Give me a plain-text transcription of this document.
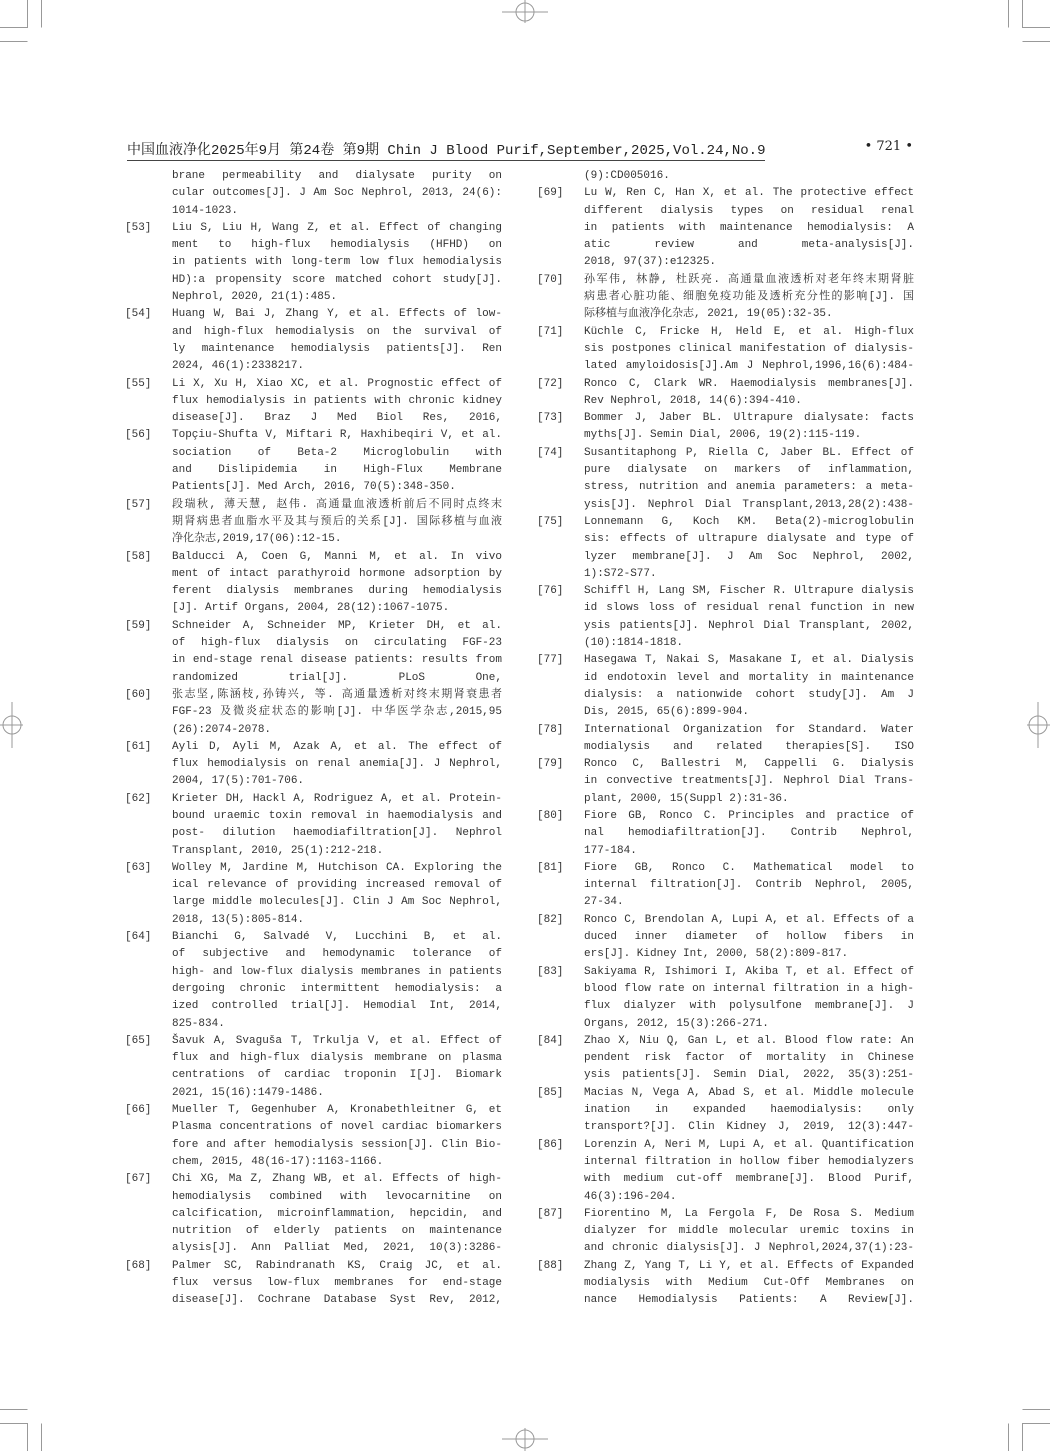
中国血液净化2025年9月 第24卷 第9期 Chin J Blood Purif,September,2025,Vol.24,No.9	• 721 •
brane permeability and dialysate purity on
cular outcomes[J]. J Am Soc Nephrol, 2013, 24(6):
1014-1023.
[53] Liu S, Liu H, Wang Z, et al. Effect of changing
ment to high-flux hemodialysis (HFHD) on
in patients with long-term low flux hemodialysis
HD):a propensity score matched cohort study[J].
Nephrol, 2020, 21(1):485.
[54] Huang W, Bai J, Zhang Y, et al. Effects of low-
and high-flux hemodialysis on the survival of
ly maintenance hemodialysis patients[J]. Ren
2024, 46(1):2338217.
[55] Li X, Xu H, Xiao XC, et al. Prognostic effect of
flux hemodialysis in patients with chronic kidney
disease[J]. Braz J Med Biol Res, 2016,
[56] Topçiu-Shufta V, Miftari R, Haxhibeqiri V, et al.
sociation of Beta-2 Microglobulin with
and Dislipidemia in High-Flux Membrane
Patients[J]. Med Arch, 2016, 70(5):348-350.
[57] 段瑞秋, 薄天慧, 赵伟. 高通量血液透析前后不同时点终末
期肾病患者血脂水平及其与预后的关系[J]. 国际移植与血液
净化杂志,2019,17(06):12-15.
[58] Balducci A, Coen G, Manni M, et al. In vivo
ment of intact parathyroid hormone adsorption by
ferent dialysis membranes during hemodialysis
[J]. Artif Organs, 2004, 28(12):1067-1075.
[59] Schneider A, Schneider MP, Krieter DH, et al.
of high-flux dialysis on circulating FGF-23
in end-stage renal disease patients: results from
randomized trial[J]. PLoS One,
[60] 张志坚,陈涵枝,孙铸兴, 等. 高通量透析对终末期肾衰患者
FGF-23 及微炎症状态的影响[J]. 中华医学杂志,2015,95
(26):2074-2078.
[61] Ayli D, Ayli M, Azak A, et al. The effect of
flux hemodialysis on renal anemia[J]. J Nephrol,
2004, 17(5):701-706.
[62] Krieter DH, Hackl A, Rodriguez A, et al. Protein-
bound uraemic toxin removal in haemodialysis and
post- dilution haemodiafiltration[J]. Nephrol
Transplant, 2010, 25(1):212-218.
[63] Wolley M, Jardine M, Hutchison CA. Exploring the
ical relevance of providing increased removal of
large middle molecules[J]. Clin J Am Soc Nephrol,
2018, 13(5):805-814.
[64] Bianchi G, Salvadé V, Lucchini B, et al.
of subjective and hemodynamic tolerance of
high- and low-flux dialysis membranes in patients
dergoing chronic intermittent hemodialysis: a
ized controlled trial[J]. Hemodial Int, 2014,
825-834.
[65] Šavuk A, Svaguša T, Trkulja V, et al. Effect of
flux and high-flux dialysis membrane on plasma
centrations of cardiac troponin I[J]. Biomark
2021, 15(16):1479-1486.
[66] Mueller T, Gegenhuber A, Kronabethleitner G, et
Plasma concentrations of novel cardiac biomarkers
fore and after hemodialysis session[J]. Clin Bio-
chem, 2015, 48(16-17):1163-1166.
[67] Chi XG, Ma Z, Zhang WB, et al. Effects of high-
hemodialysis combined with levocarnitine on
calcification, microinflammation, hepcidin, and
nutrition of elderly patients on maintenance
alysis[J]. Ann Palliat Med, 2021, 10(3):3286-
[68] Palmer SC, Rabindranath KS, Craig JC, et al.
flux versus low-flux membranes for end-stage
disease[J]. Cochrane Database Syst Rev, 2012,
(9):CD005016.
[69] Lu W, Ren C, Han X, et al. The protective effect
different dialysis types on residual renal
in patients with maintenance hemodialysis: A
atic review and meta-analysis[J].
2018, 97(37):e12325.
[70] 孙军伟, 林静, 杜跃亮. 高通量血液透析对老年终末期肾脏
病患者心脏功能、细胞免疫功能及透析充分性的影响[J]. 国
际移植与血液净化杂志, 2021, 19(05):32-35.
[71] Küchle C, Fricke H, Held E, et al. High-flux
sis postpones clinical manifestation of dialysis-
lated amyloidosis[J].Am J Nephrol,1996,16(6):484-
[72] Ronco C, Clark WR. Haemodialysis membranes[J].
Rev Nephrol, 2018, 14(6):394-410.
[73] Bommer J, Jaber BL. Ultrapure dialysate: facts
myths[J]. Semin Dial, 2006, 19(2):115-119.
[74] Susantitaphong P, Riella C, Jaber BL. Effect of
pure dialysate on markers of inflammation,
stress, nutrition and anemia parameters: a meta-
ysis[J]. Nephrol Dial Transplant,2013,28(2):438-
[75] Lonnemann G, Koch KM. Beta(2)-microglobulin
sis: effects of ultrapure dialysate and type of
lyzer membrane[J]. J Am Soc Nephrol, 2002,
1):S72-S77.
[76] Schiffl H, Lang SM, Fischer R. Ultrapure dialysis
id slows loss of residual renal function in new
ysis patients[J]. Nephrol Dial Transplant, 2002,
(10):1814-1818.
[77] Hasegawa T, Nakai S, Masakane I, et al. Dialysis
id endotoxin level and mortality in maintenance
dialysis: a nationwide cohort study[J]. Am J
Dis, 2015, 65(6):899-904.
[78] International Organization for Standard. Water
modialysis and related therapies[S]. ISO
[79] Ronco C, Ballestri M, Cappelli G. Dialysis
in convective treatments[J]. Nephrol Dial Trans-
plant, 2000, 15(Suppl 2):31-36.
[80] Fiore GB, Ronco C. Principles and practice of
nal hemodiafiltration[J]. Contrib Nephrol,
177-184.
[81] Fiore GB, Ronco C. Mathematical model to
internal filtration[J]. Contrib Nephrol, 2005,
27-34.
[82] Ronco C, Brendolan A, Lupi A, et al. Effects of a
duced inner diameter of hollow fibers in
ers[J]. Kidney Int, 2000, 58(2):809-817.
[83] Sakiyama R, Ishimori I, Akiba T, et al. Effect of
blood flow rate on internal filtration in a high-
flux dialyzer with polysulfone membrane[J]. J
Organs, 2012, 15(3):266-271.
[84] Zhao X, Niu Q, Gan L, et al. Blood flow rate: An
pendent risk factor of mortality in Chinese
ysis patients[J]. Semin Dial, 2022, 35(3):251-
[85] Macias N, Vega A, Abad S, et al. Middle molecule
ination in expanded haemodialysis: only
transport?[J]. Clin Kidney J, 2019, 12(3):447-
[86] Lorenzin A, Neri M, Lupi A, et al. Quantification
internal filtration in hollow fiber hemodialyzers
with medium cut-off membrane[J]. Blood Purif,
46(3):196-204.
[87] Fiorentino M, La Fergola F, De Rosa S. Medium
dialyzer for middle molecular uremic toxins in
and chronic dialysis[J]. J Nephrol,2024,37(1):23-
[88] Zhang Z, Yang T, Li Y, et al. Effects of Expanded
modialysis with Medium Cut-Off Membranes on
nance Hemodialysis Patients: A Review[J].
